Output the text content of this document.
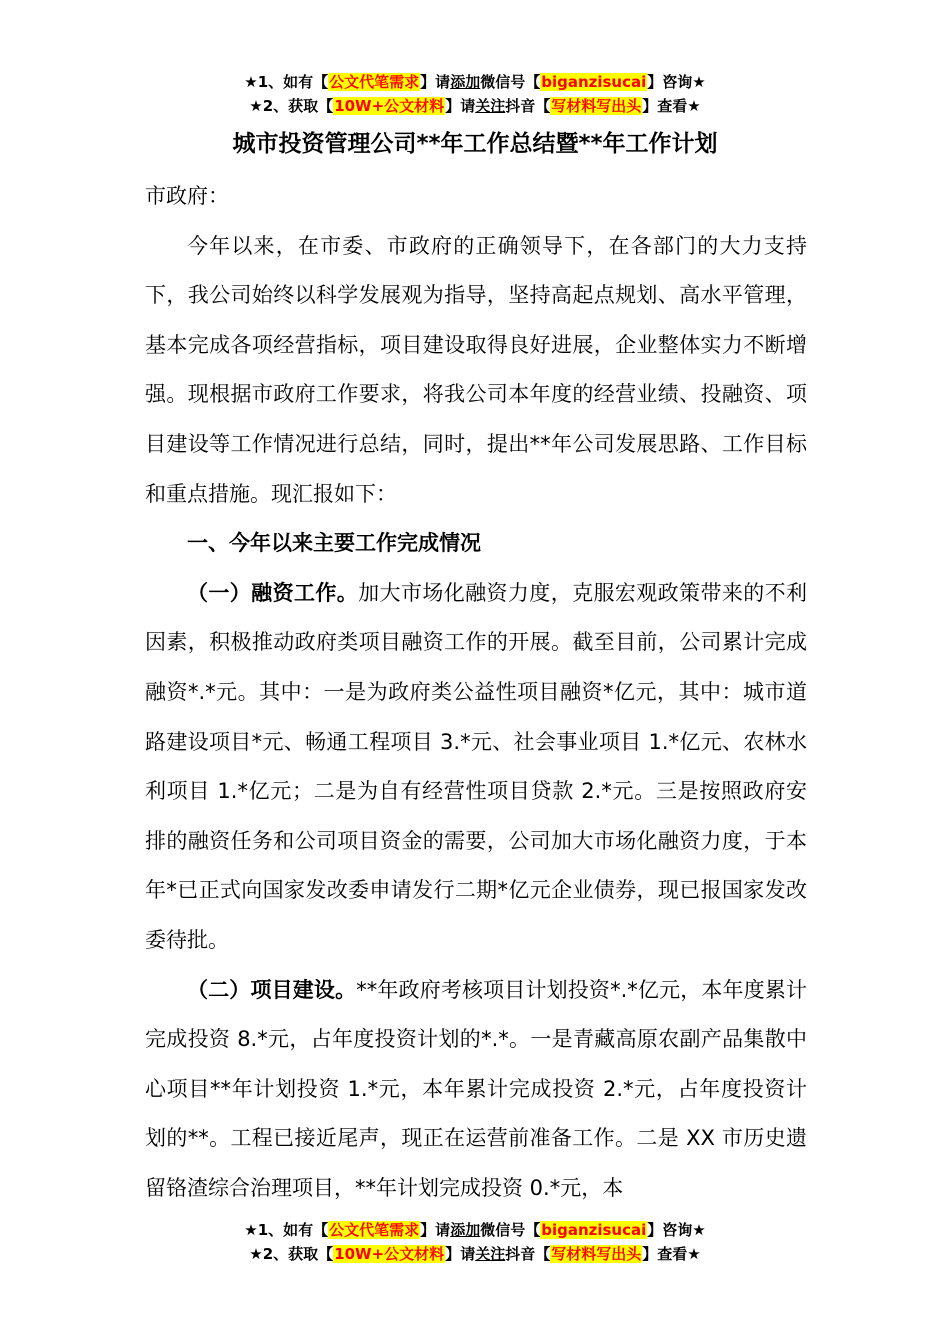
★1、如有【公文代笔需求】请添加微信号【biganzisucai】咨询★
★2、获取【10W+公文材料】请关注抖音【写材料写出头】查看★
城市投资管理公司**年工作总结暨**年工作计划

市政府：

今年以来，在市委、市政府的正确领导下，在各部门的大力支持下，我公司始终以科学发展观为指导，坚持高起点规划、高水平管理，基本完成各项经营指标，项目建设取得良好进展，企业整体实力不断增强。现根据市政府工作要求，将我公司本年度的经营业绩、投融资、项目建设等工作情况进行总结，同时，提出**年公司发展思路、工作目标和重点措施。现汇报如下：

一、今年以来主要工作完成情况

（一）融资工作。加大市场化融资力度，克服宏观政策带来的不利因素，积极推动政府类项目融资工作的开展。截至目前，公司累计完成融资*.*元。其中：一是为政府类公益性项目融资*亿元，其中：城市道路建设项目*元、畅通工程项目 3.*元、社会事业项目 1.*亿元、农林水利项目 1.*亿元；二是为自有经营性项目贷款 2.*元。三是按照政府安排的融资任务和公司项目资金的需要，公司加大市场化融资力度，于本年*已正式向国家发改委申请发行二期*亿元企业债券，现已报国家发改委待批。

（二）项目建设。**年政府考核项目计划投资*.*亿元，本年度累计完成投资 8.*元，占年度投资计划的*.*。一是青藏高原农副产品集散中心项目**年计划投资 1.*元，本年累计完成投资 2.*元，占年度投资计划的**。工程已接近尾声，现正在运营前准备工作。二是 XX 市历史遗留铬渣综合治理项目，**年计划完成投资 0.*元，本

★1、如有【公文代笔需求】请添加微信号【biganzisucai】咨询★
★2、获取【10W+公文材料】请关注抖音【写材料写出头】查看★
